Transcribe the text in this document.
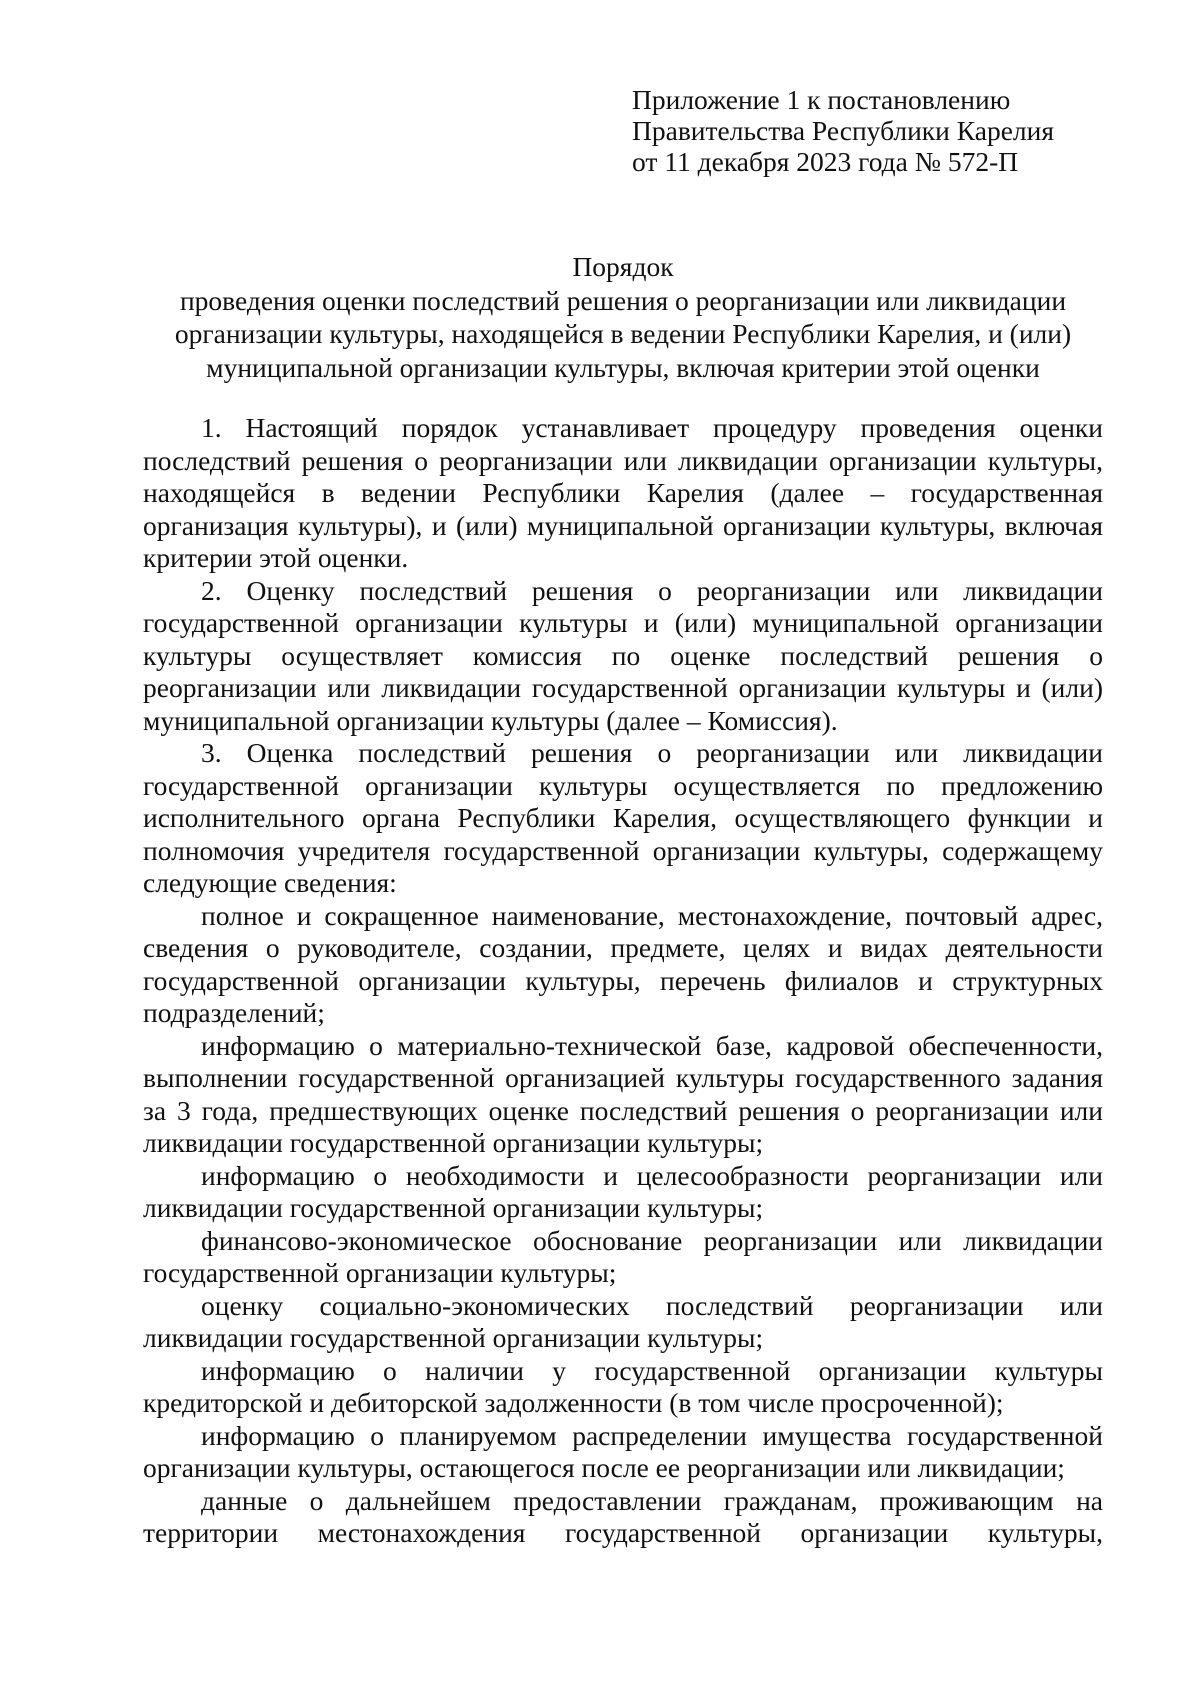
Приложение 1 к постановлению
Правительства Республики Карелия
от 11 декабря 2023 года № 572-П
Порядок
проведения оценки последствий решения о реорганизации или ликвидации
организации культуры, находящейся в ведении Республики Карелия, и (или)
муниципальной организации культуры, включая критерии этой оценки

1. Настоящий порядок устанавливает процедуру проведения оценки последствий решения о реорганизации или ликвидации организации культуры, находящейся в ведении Республики Карелия (далее – государственная организация культуры), и (или) муниципальной организации культуры, включая критерии этой оценки.

2. Оценку последствий решения о реорганизации или ликвидации государственной организации культуры и (или) муниципальной организации культуры осуществляет комиссия по оценке последствий решения о реорганизации или ликвидации государственной организации культуры и (или) муниципальной организации культуры (далее – Комиссия).

3. Оценка последствий решения о реорганизации или ликвидации государственной организации культуры осуществляется по предложению исполнительного органа Республики Карелия, осуществляющего функции и полномочия учредителя государственной организации культуры, содержащему следующие сведения:

полное и сокращенное наименование, местонахождение, почтовый адрес, сведения о руководителе, создании, предмете, целях и видах деятельности государственной организации культуры, перечень филиалов и структурных подразделений;

информацию о материально-технической базе, кадровой обеспеченности, выполнении государственной организацией культуры государственного задания за 3 года, предшествующих оценке последствий решения о реорганизации или ликвидации государственной организации культуры;

информацию о необходимости и целесообразности реорганизации или ликвидации государственной организации культуры;

финансово-экономическое обоснование реорганизации или ликвидации государственной организации культуры;

оценку социально-экономических последствий реорганизации или ликвидации государственной организации культуры;

информацию о наличии у государственной организации культуры кредиторской и дебиторской задолженности (в том числе просроченной);

информацию о планируемом распределении имущества государственной организации культуры, остающегося после ее реорганизации или ликвидации;

данные о дальнейшем предоставлении гражданам, проживающим на территории местонахождения государственной организации культуры,
